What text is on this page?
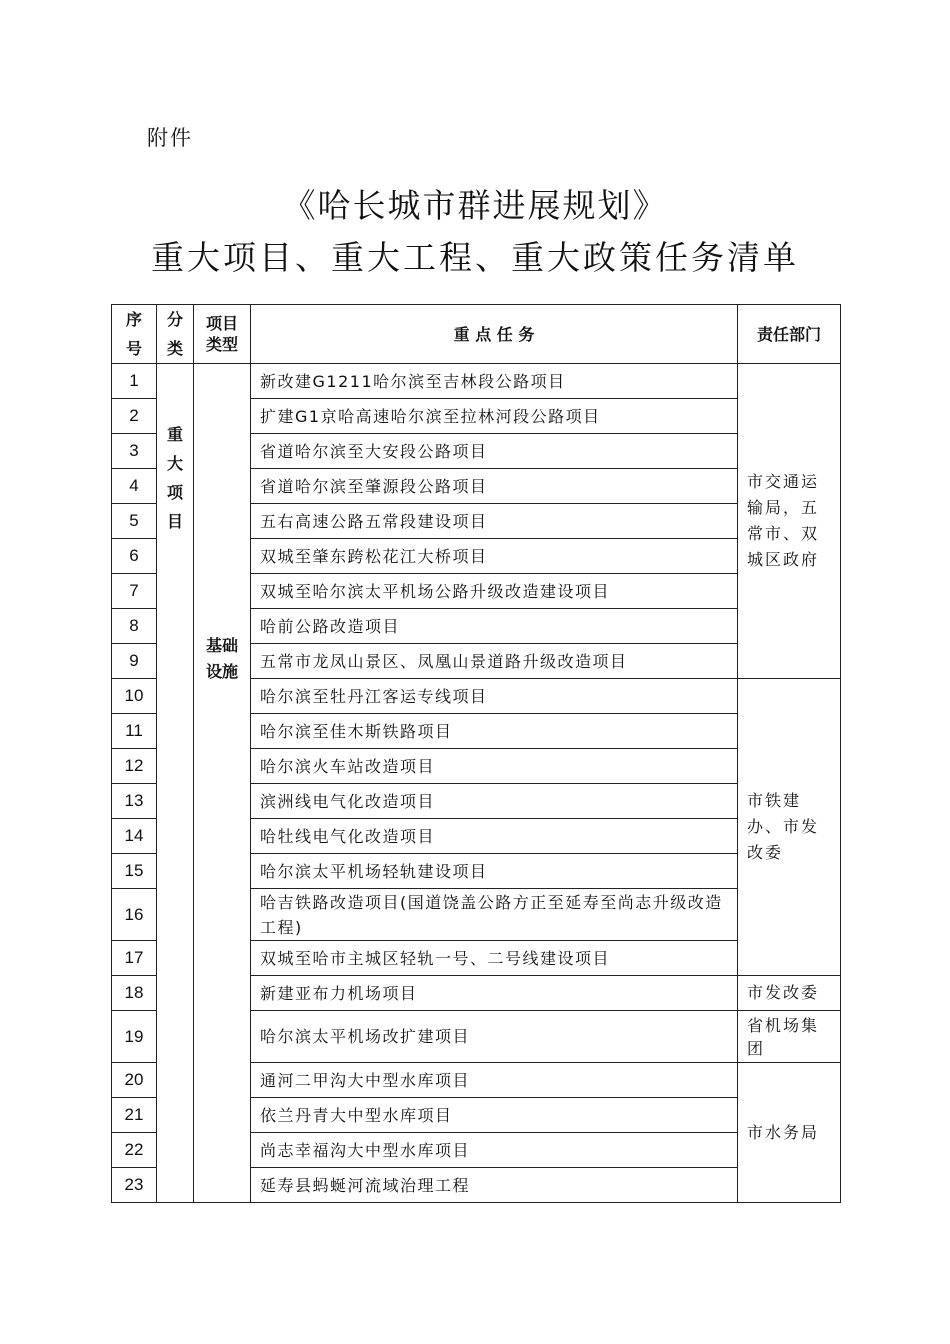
附件
《哈长城市群进展规划》
重大项目、重大工程、重大政策任务清单
序号	分类	项目类型	重 点 任 务	责任部门
1	重大项目	基础设施	新改建G1211哈尔滨至吉林段公路项目	市交通运输局，五常市、双城区政府
2			扩建G1京哈高速哈尔滨至拉林河段公路项目	
3			省道哈尔滨至大安段公路项目	
4			省道哈尔滨至肇源段公路项目	
5			五右高速公路五常段建设项目	
6			双城至肇东跨松花江大桥项目	
7			双城至哈尔滨太平机场公路升级改造建设项目	
8			哈前公路改造项目	
9			五常市龙凤山景区、凤凰山景道路升级改造项目	
10			哈尔滨至牡丹江客运专线项目	市铁建办、市发改委
11			哈尔滨至佳木斯铁路项目	
12			哈尔滨火车站改造项目	
13			滨洲线电气化改造项目	
14			哈牡线电气化改造项目	
15			哈尔滨太平机场轻轨建设项目	
16			哈吉铁路改造项目(国道饶盖公路方正至延寿至尚志升级改造工程)	
17			双城至哈市主城区轻轨一号、二号线建设项目	
18			新建亚布力机场项目	市发改委
19			哈尔滨太平机场改扩建项目	省机场集团
20			通河二甲沟大中型水库项目	市水务局
21			依兰丹青大中型水库项目	
22			尚志幸福沟大中型水库项目	
23			延寿县蚂蜒河流域治理工程	
